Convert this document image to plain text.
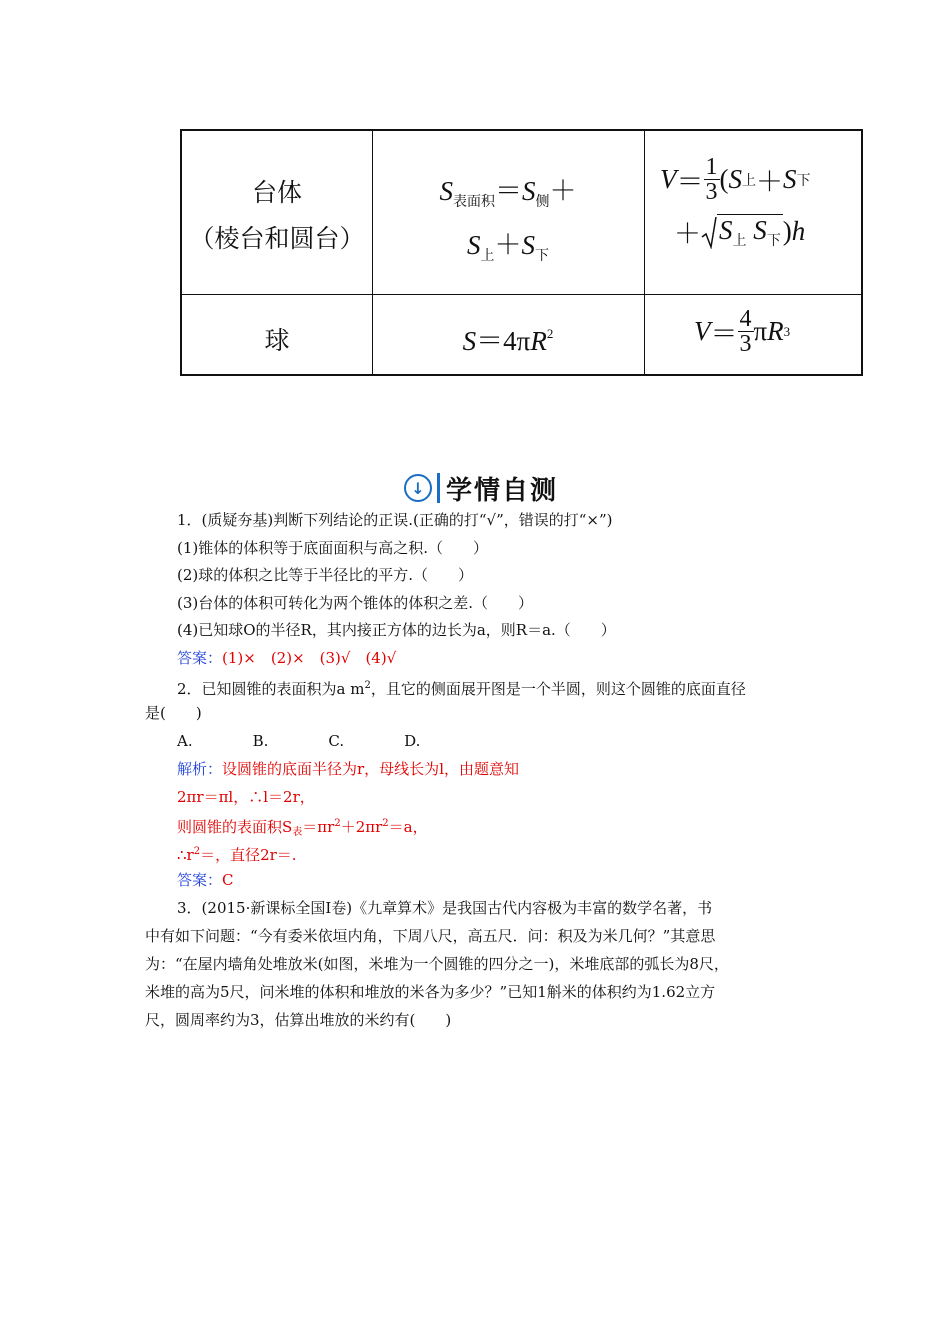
台体
（棱台和圆台）
$S_{表面积}=S_侧+$
$S_上+S_下$
$V = \frac{1}{3}$ ( S 上 ＋ S 下
＋ $S_上$ $S_下$ ) h
球	$S=4\pi R^2$	$V = \frac{4}{3}$ π R 3
↓ 学情自测
1．(质疑夯基)判断下列结论的正误.(正确的打“√”，错误的打“×”)
(1)锥体的体积等于底面面积与高之积.（　　）
(2)球的体积之比等于半径比的平方.（　　）
(3)台体的体积可转化为两个锥体的体积之差.（　　）
(4)已知球O的半径R，其内接正方体的边长为a，则R＝a.（　　）
答案：(1)×　(2)×　(3)√　(4)√
2．已知圆锥的表面积为a $m^2$，且它的侧面展开图是一个半圆，则这个圆锥的底面直径
是(　　)
A.　　　　B.　　　　C.　　　　D.
解析：设圆锥的底面半径为r，母线长为l，由题意知
2πr＝πl，∴l＝2r，
则圆锥的表面积$S_表=\pi r^2+2\pi r^2=a$，
$\therefore r^2=$，直径2r＝.
答案：C
3．(2015·新课标全国Ⅰ卷)《九章算术》是我国古代内容极为丰富的数学名著，书
中有如下问题：“今有委米依垣内角，下周八尺，高五尺．问：积及为米几何？”其意思
为：“在屋内墙角处堆放米(如图，米堆为一个圆锥的四分之一)，米堆底部的弧长为8尺，
米堆的高为5尺，问米堆的体积和堆放的米各为多少？”已知1斛米的体积约为1.62立方
尺，圆周率约为3，估算出堆放的米约有(　　)
